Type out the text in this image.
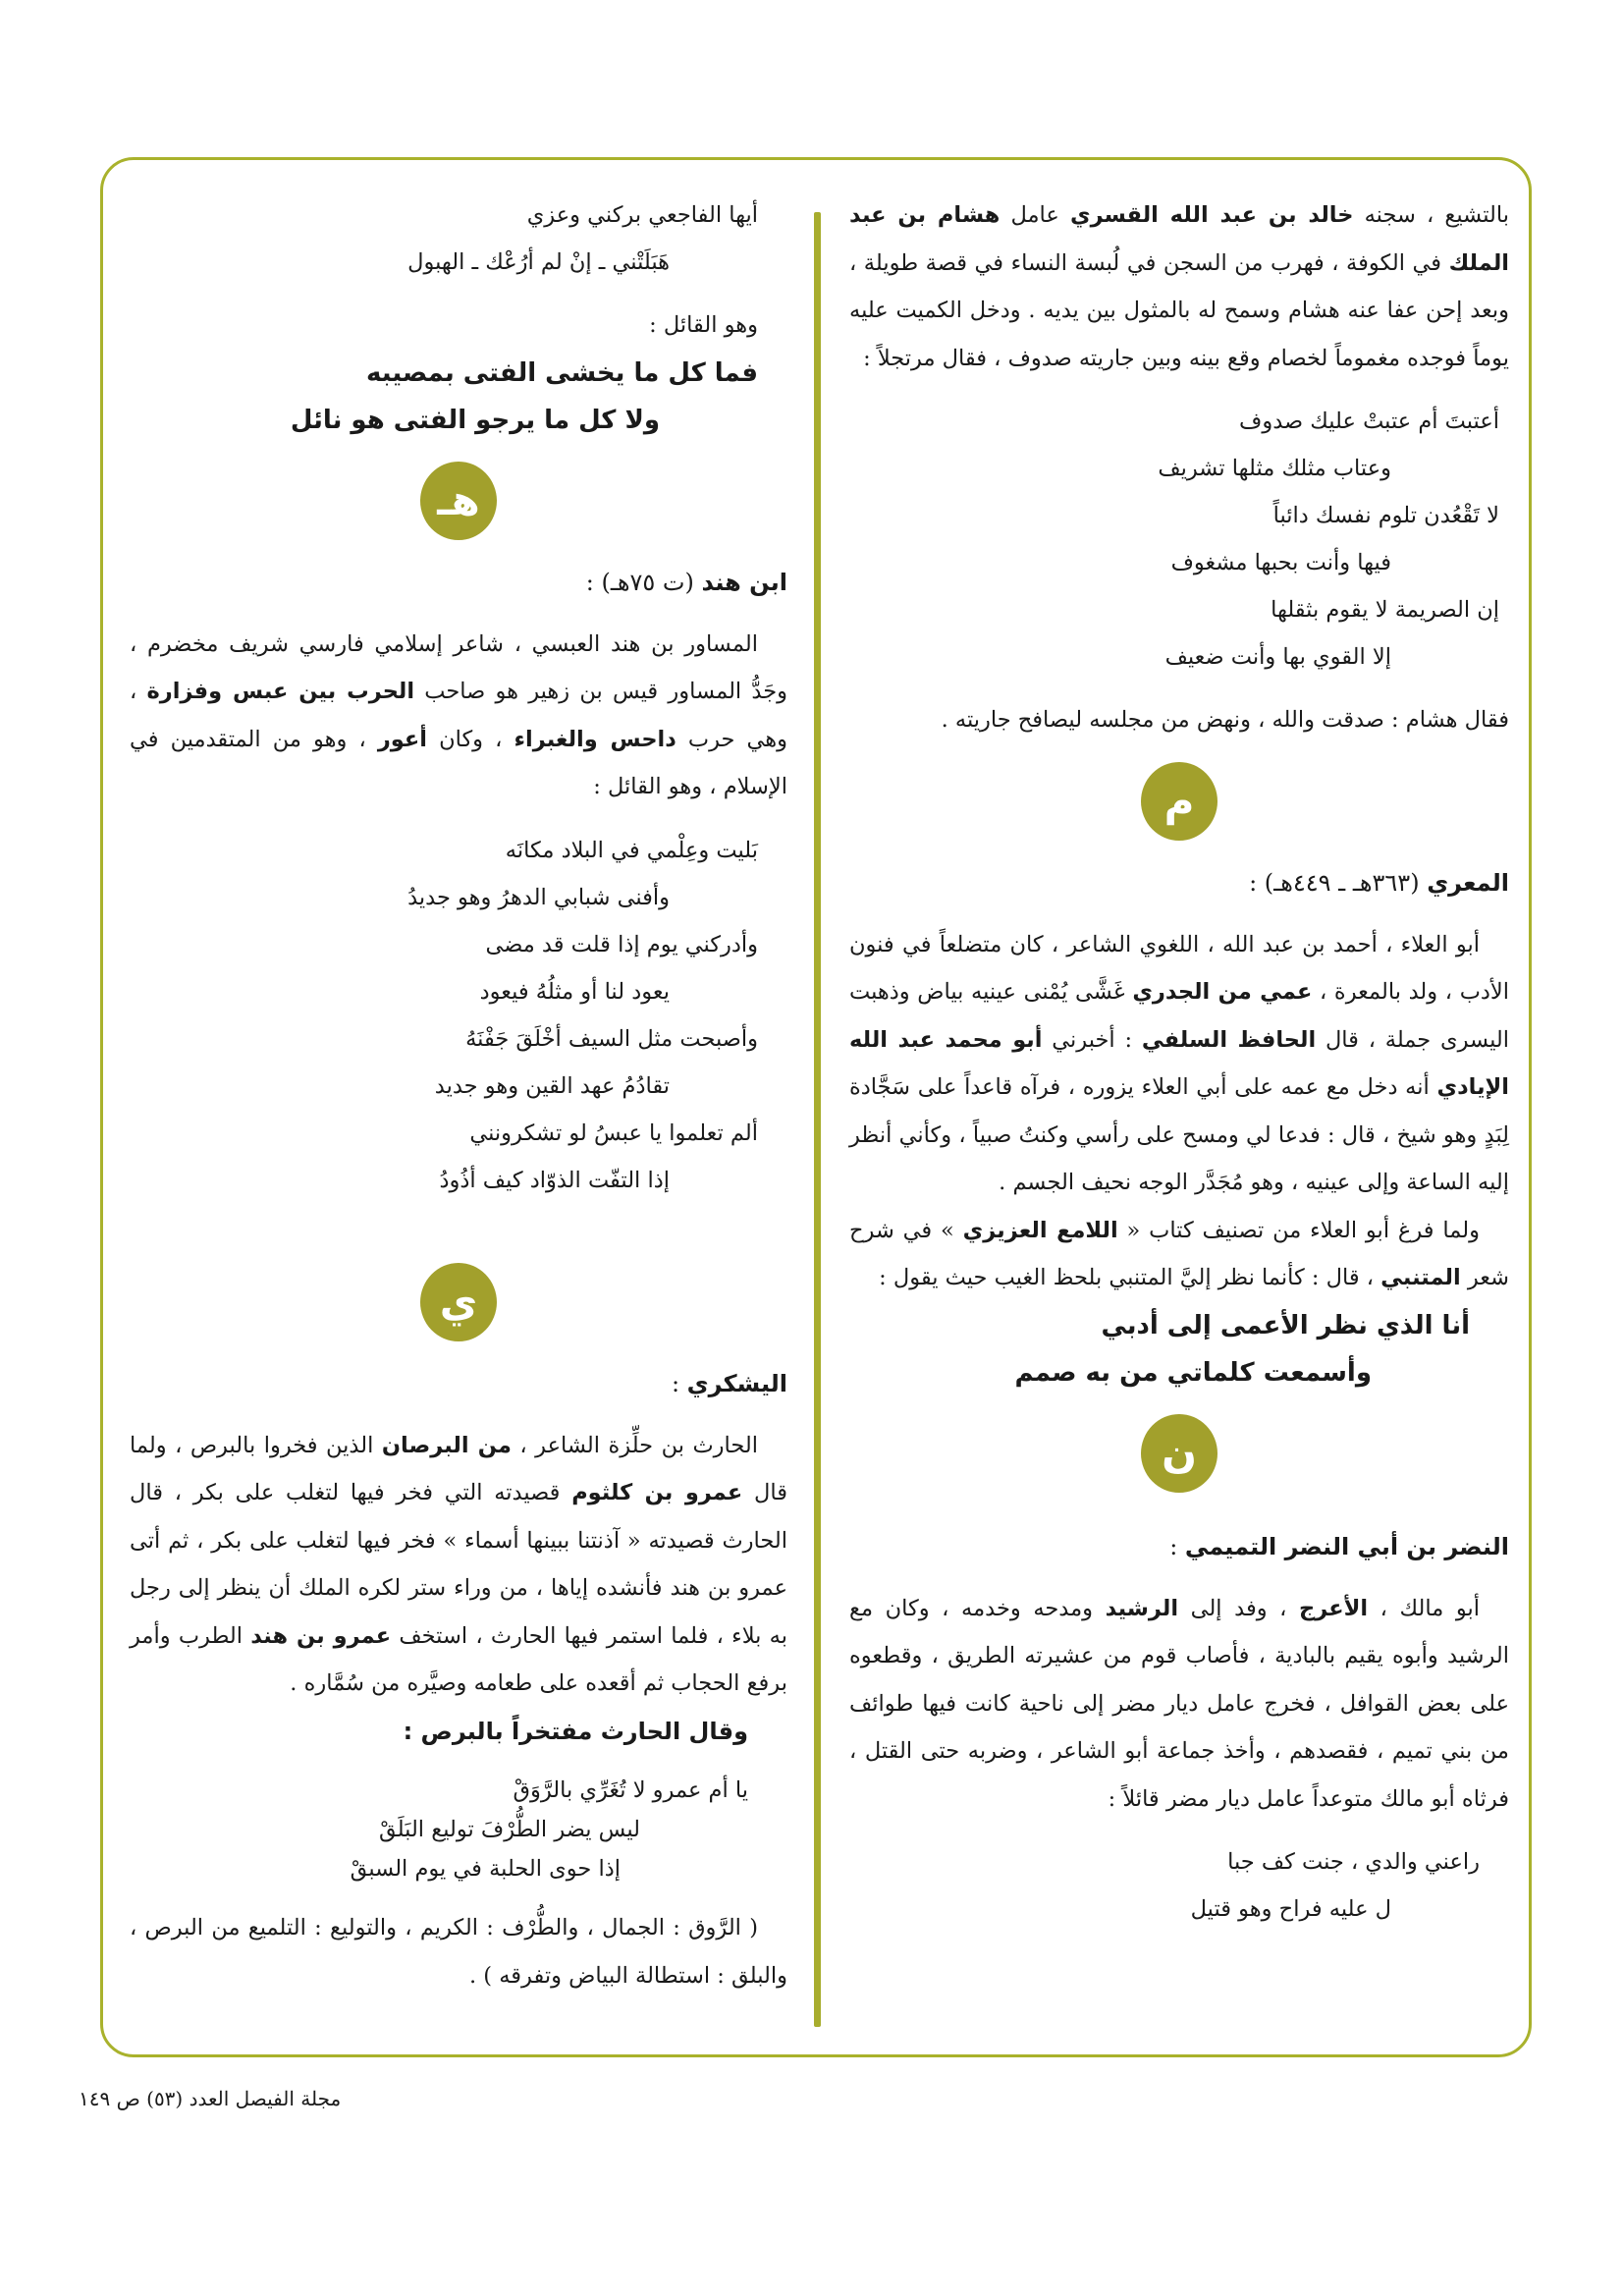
بالتشيع ، سجنه خالد بن عبد الله القسري عامل هشام بن عبد الملك في الكوفة ، فهرب من السجن في لُبسة النساء في قصة طويلة ، وبعد إحن عفا عنه هشام وسمح له بالمثول بين يديه . ودخل الكميت عليه يوماً فوجده مغموماً لخصام وقع بينه وبين جاريته صدوف ، فقال مرتجلاً :

أعتبتَ أم عتبتْ عليك صدوف
وعتاب مثلك مثلها تشريف
لا تَقْعُدن تلوم نفسك دائباً
فيها وأنت بحبها مشغوف
إن الصريمة لا يقوم بثقلها
إلا القوي بها وأنت ضعيف

فقال هشام : صدقت والله ، ونهض من مجلسه ليصافح جاريته .

م
المعري (٣٦٣هـ ـ ٤٤٩هـ) :

أبو العلاء ، أحمد بن عبد الله ، اللغوي الشاعر ، كان متضلعاً في فنون الأدب ، ولد بالمعرة ، عمي من الجدري غَشَّى يُمْنى عينيه بياض وذهبت اليسرى جملة ، قال الحافظ السلفي : أخبرني أبو محمد عبد الله الإيادي أنه دخل مع عمه على أبي العلاء يزوره ، فرآه قاعداً على سَجَّادة لِبَدٍ وهو شيخ ، قال : فدعا لي ومسح على رأسي وكنتُ صبياً ، وكأني أنظر إليه الساعة وإلى عينيه ، وهو مُجَدَّر الوجه نحيف الجسم .

ولما فرغ أبو العلاء من تصنيف كتاب « اللامع العزيزي » في شرح شعر المتنبي ، قال : كأنما نظر إليَّ المتنبي بلحظ الغيب حيث يقول :

أنا الذي نظر الأعمى إلى أدبي
وأسمعت كلماتي من به صمم
ن
النضر بن أبي النضر التميمي :

أبو مالك ، الأعرج ، وفد إلى الرشيد ومدحه وخدمه ، وكان مع الرشيد وأبوه يقيم بالبادية ، فأصاب قوم من عشيرته الطريق ، وقطعوه على بعض القوافل ، فخرج عامل ديار مضر إلى ناحية كانت فيها طوائف من بني تميم ، فقصدهم ، وأخذ جماعة أبو الشاعر ، وضربه حتى القتل ، فرثاه أبو مالك متوعداً عامل ديار مضر قائلاً :

راعني والدي ، جنت كف جبا
ل عليه فراح وهو قتيل
أيها الفاجعي بركني وعزي
هَبَلَتْني ـ إنْ لم أرُعْك ـ الهبول

وهو القائل :

فما كل ما يخشى الفتى بمصيبه
ولا كل ما يرجو الفتى هو نائل
هـ
ابن هند (ت ٧٥هـ) :

المساور بن هند العبسي ، شاعر إسلامي فارسي شريف مخضرم ، وجَدُّ المساور قيس بن زهير هو صاحب الحرب بين عبس وفزارة ، وهي حرب داحس والغبراء ، وكان أعور ، وهو من المتقدمين في الإسلام ، وهو القائل :

بَليت وعِلْمي في البلاد مكانَه
وأفنى شبابي الدهرُ وهو جديدُ
وأدركني يوم إذا قلت قد مضى
يعود لنا أو مثلُهُ فيعود
وأصبحت مثل السيف أخْلَقَ جَفْنَهُ
تقادُمُ عهد القين وهو جديد
ألم تعلموا يا عبسُ لو تشكرونني
إذا التفّت الذوّاد كيف أذُودُ
ي
اليشكري :

الحارث بن حلِّزة الشاعر ، من البرصان الذين فخروا بالبرص ، ولما قال عمرو بن كلثوم قصيدته التي فخر فيها لتغلب على بكر ، قال الحارث قصيدته « آذنتنا ببينها أسماء » فخر فيها لتغلب على بكر ، ثم أتى عمرو بن هند فأنشده إياها ، من وراء ستر لكره الملك أن ينظر إلى رجل به بلاء ، فلما استمر فيها الحارث ، استخف عمرو بن هند الطرب وأمر برفع الحجاب ثم أقعده على طعامه وصيَّره من سُمَّاره .

وقال الحارث مفتخراً بالبرص :

يا أم عمرو لا تُغَرِّي بالرَّوَقْ
ليس يضر الطُّرْفَ توليع البَلَقْ
إذا حوى الحلبة في يوم السبقْ

( الرَّوق : الجمال ، والطُّرْف : الكريم ، والتوليع : التلميع من البرص ، والبلق : استطالة البياض وتفرقه ) .

مجلة الفيصل العدد (٥٣) ص ١٤٩
